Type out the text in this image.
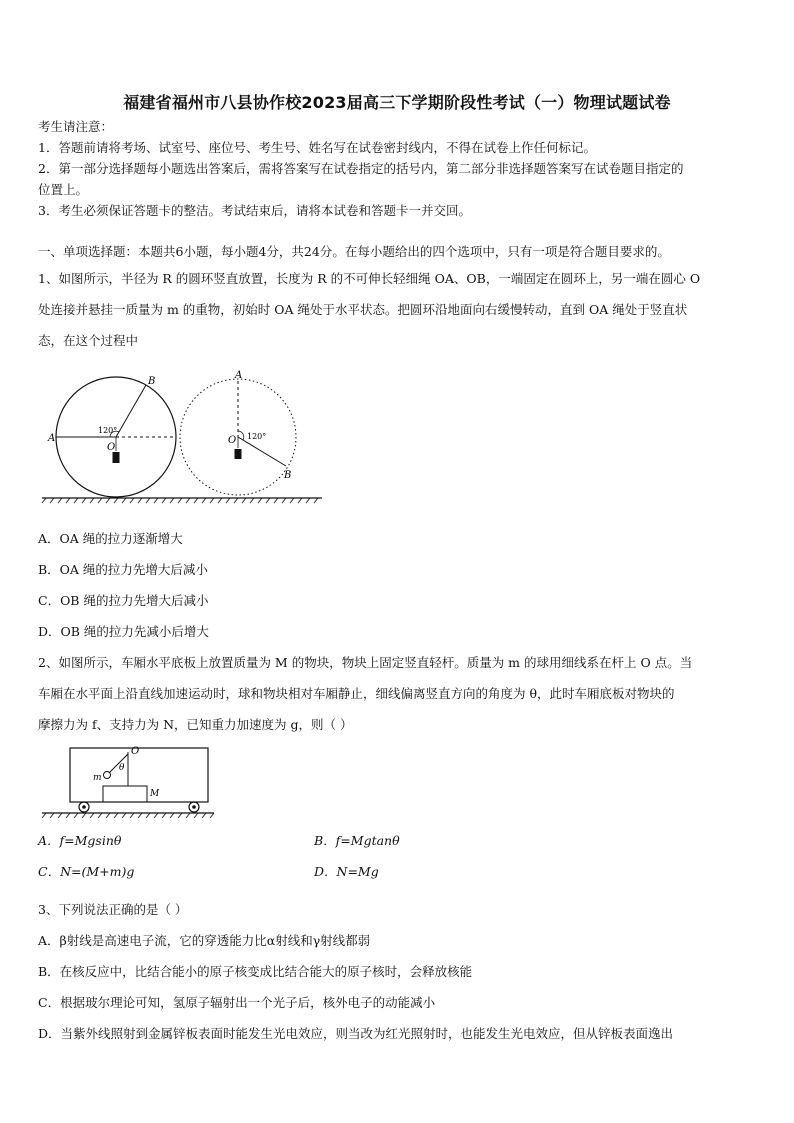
福建省福州市八县协作校2023届高三下学期阶段性考试（一）物理试题试卷
考生请注意：
1．答题前请将考场、试室号、座位号、考生号、姓名写在试卷密封线内，不得在试卷上作任何标记。
2．第一部分选择题每小题选出答案后，需将答案写在试卷指定的括号内，第二部分非选择题答案写在试卷题目指定的
位置上。
3．考生必须保证答题卡的整洁。考试结束后，请将本试卷和答题卡一并交回。
一、单项选择题：本题共6小题，每小题4分，共24分。在每小题给出的四个选项中，只有一项是符合题目要求的。
1、如图所示，半径为 R 的圆环竖直放置，长度为 R 的不可伸长轻细绳 OA、OB，一端固定在圆环上，另一端在圆心 O
处连接并悬挂一质量为 m 的重物，初始时 OA 绳处于水平状态。把圆环沿地面向右缓慢转动，直到 OA 绳处于竖直状
态，在这个过程中
A
B
O
120°
A
B
O 120°
A．OA 绳的拉力逐渐增大
B．OA 绳的拉力先增大后减小
C．OB 绳的拉力先增大后减小
D．OB 绳的拉力先减小后增大
2、如图所示，车厢水平底板上放置质量为 M 的物块，物块上固定竖直轻杆。质量为 m 的球用细线系在杆上 O 点。当
车厢在水平面上沿直线加速运动时，球和物块相对车厢静止，细线偏离竖直方向的角度为 θ，此时车厢底板对物块的
摩擦力为 f、支持力为 N，已知重力加速度为 g，则（ ）
O
θ
m
M
A．f=Mgsinθ	B．f=Mgtanθ
C．N=(M+m)g	D．N=Mg
3、下列说法正确的是（ ）
A．β射线是高速电子流，它的穿透能力比α射线和γ射线都弱
B．在核反应中，比结合能小的原子核变成比结合能大的原子核时，会释放核能
C．根据玻尔理论可知，氢原子辐射出一个光子后，核外电子的动能减小
D．当紫外线照射到金属锌板表面时能发生光电效应，则当改为红光照射时，也能发生光电效应，但从锌板表面逸出
